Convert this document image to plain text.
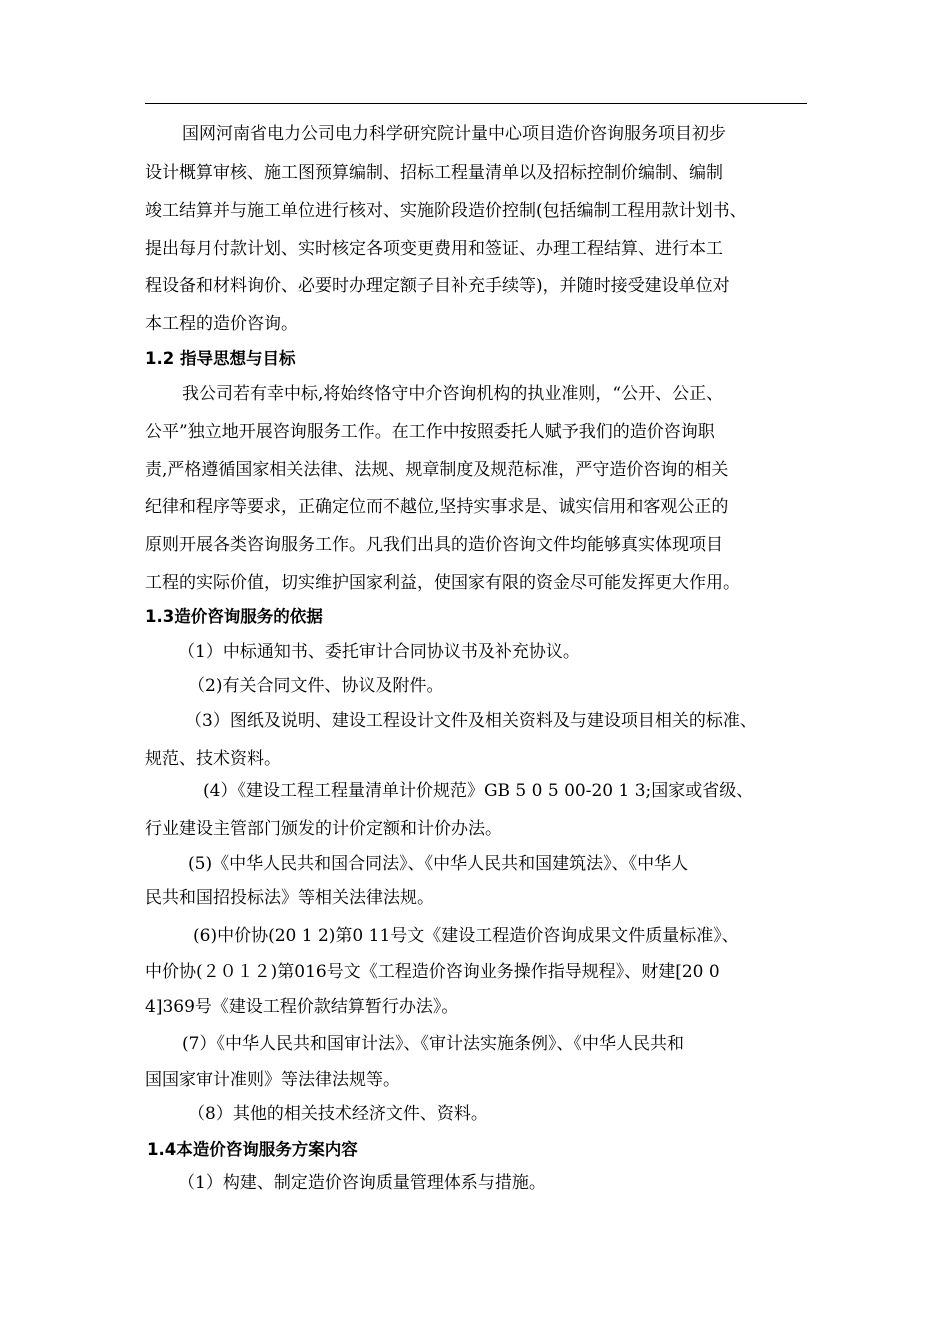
国网河南省电力公司电力科学研究院计量中心项目造价咨询服务项目初步
设计概算审核、施工图预算编制、招标工程量清单以及招标控制价编制、编制
竣工结算并与施工单位进行核对、实施阶段造价控制(包括编制工程用款计划书、
提出每月付款计划、实时核定各项变更费用和签证、办理工程结算、进行本工
程设备和材料询价、必要时办理定额子目补充手续等)，并随时接受建设单位对
本工程的造价咨询。
1.2 指导思想与目标
我公司若有幸中标,将始终恪守中介咨询机构的执业准则，“公开、公正、
公平”独立地开展咨询服务工作。在工作中按照委托人赋予我们的造价咨询职
责,严格遵循国家相关法律、法规、规章制度及规范标准，严守造价咨询的相关
纪律和程序等要求，正确定位而不越位,坚持实事求是、诚实信用和客观公正的
原则开展各类咨询服务工作。凡我们出具的造价咨询文件均能够真实体现项目
工程的实际价值，切实维护国家利益，使国家有限的资金尽可能发挥更大作用。
1.3造价咨询服务的依据
（1）中标通知书、委托审计合同协议书及补充协议。
（2)有关合同文件、协议及附件。
（3）图纸及说明、建设工程设计文件及相关资料及与建设项目相关的标准、
规范、技术资料。
(4）《建设工程工程量清单计价规范》GB 5 0 5 00-20 1 3;国家或省级、
行业建设主管部门颁发的计价定额和计价办法。
(5)《中华人民共和国合同法》、《中华人民共和国建筑法》、《中华人
民共和国招投标法》等相关法律法规。
(6)中价协(20 1 2)第0 11号文《建设工程造价咨询成果文件质量标准》、
中价协(２０１２)第016号文《工程造价咨询业务操作指导规程》、财建[20 0
4]369号《建设工程价款结算暂行办法》。
(7）《中华人民共和国审计法》、《审计法实施条例》、《中华人民共和
国国家审计准则》等法律法规等。
（8）其他的相关技术经济文件、资料。
1.4本造价咨询服务方案内容
（1）构建、制定造价咨询质量管理体系与措施。
